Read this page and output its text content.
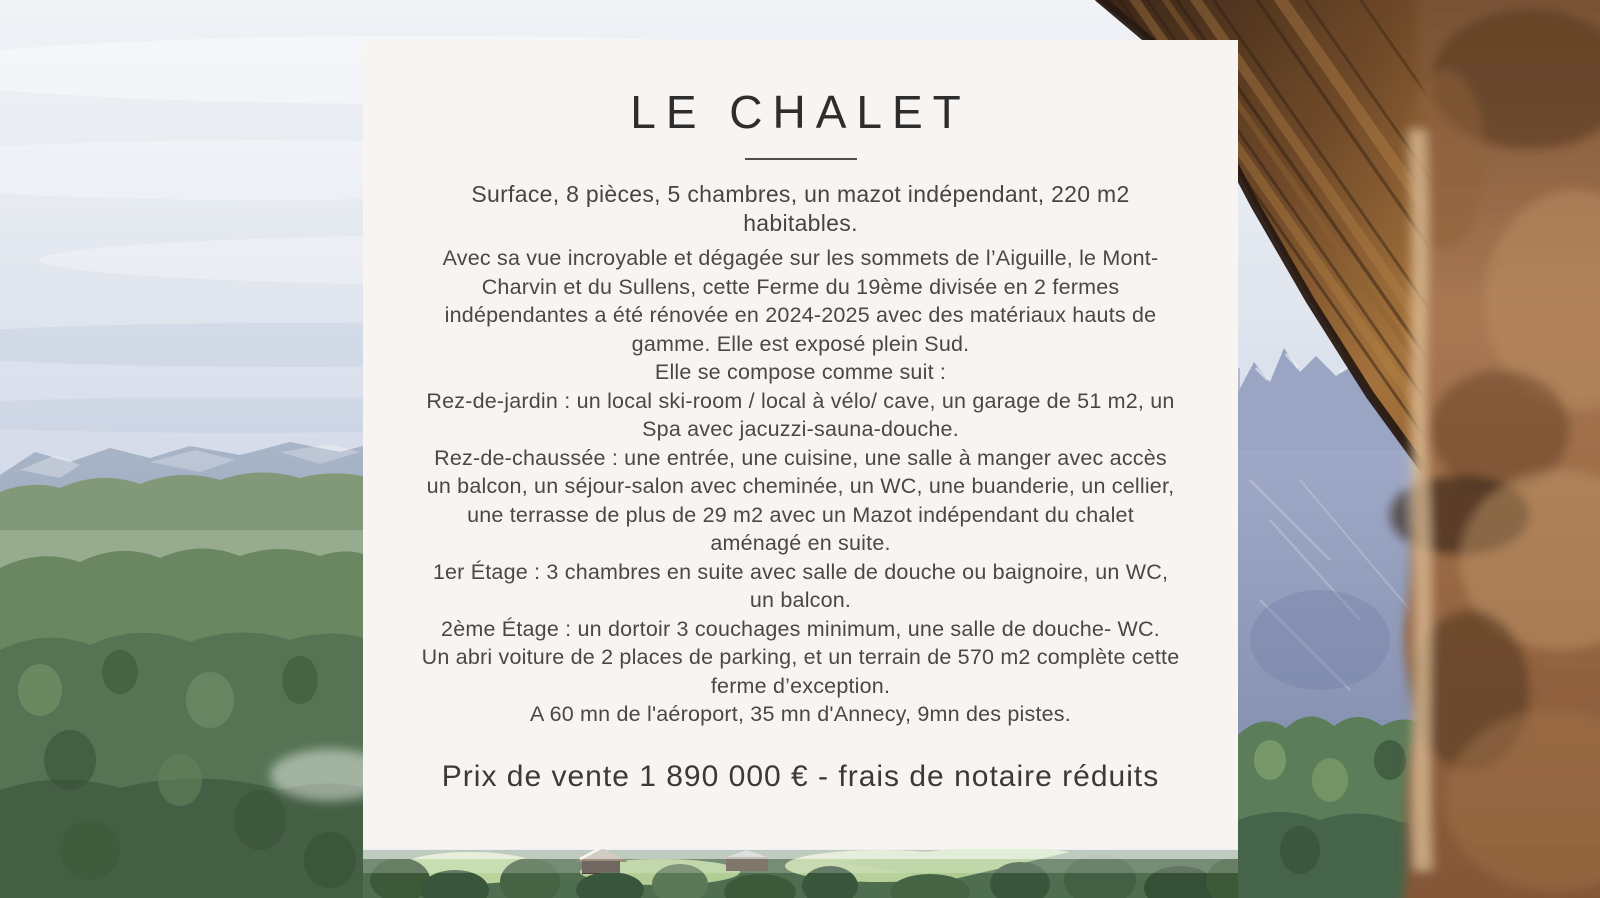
LE CHALET

Surface, 8 pièces, 5 chambres, un mazot indépendant, 220 m2 habitables.

Avec sa vue incroyable et dégagée sur les sommets de l’Aiguille, le Mont-Charvin et du Sullens, cette Ferme du 19ème divisée en 2 fermes indépendantes a été rénovée en 2024-2025 avec des matériaux hauts de gamme. Elle est exposé plein Sud.

Elle se compose comme suit :

Rez-de-jardin : un local ski-room / local à vélo/ cave, un garage de 51 m2, un Spa avec jacuzzi-sauna-douche.

Rez-de-chaussée : une entrée, une cuisine, une salle à manger avec accès un balcon, un séjour-salon avec cheminée, un WC, une buanderie, un cellier, une terrasse de plus de 29 m2 avec un Mazot indépendant du chalet aménagé en suite.

1er Étage : 3 chambres en suite avec salle de douche ou baignoire, un WC, un balcon.

2ème Étage : un dortoir 3 couchages minimum, une salle de douche- WC.

Un abri voiture de 2 places de parking, et un terrain de 570 m2 complète cette ferme d’exception.

A 60 mn de l'aéroport, 35 mn d'Annecy, 9mn des pistes.

Prix de vente 1 890 000 € - frais de notaire réduits
